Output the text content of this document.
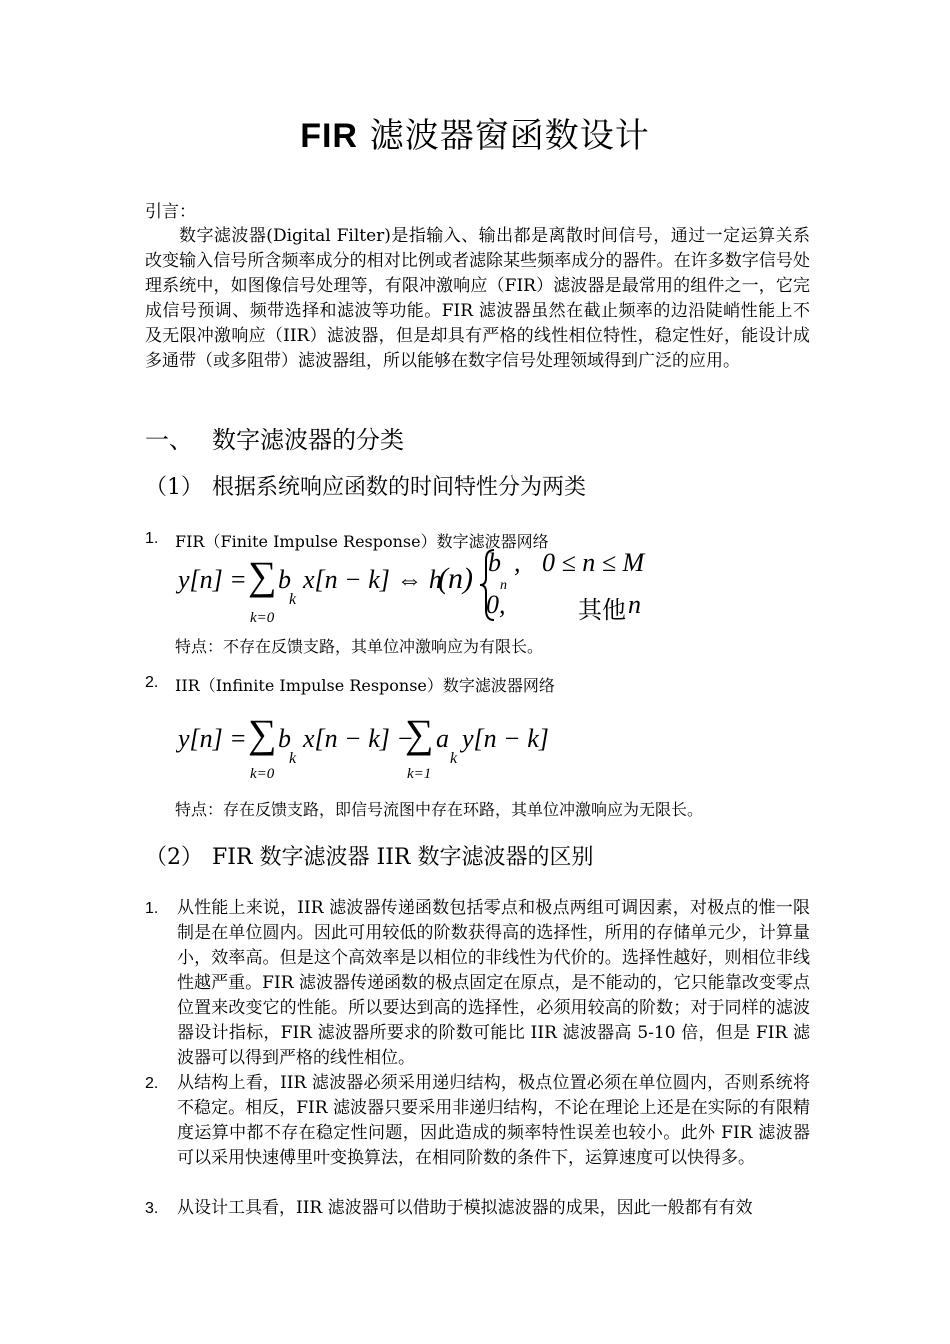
FIR 滤波器窗函数设计
引言：
数字滤波器(Digital Filter)是指输入、输出都是离散时间信号，通过一定运算关系改变输入信号所含频率成分的相对比例或者滤除某些频率成分的器件。在许多数字信号处理系统中，如图像信号处理等，有限冲激响应（FIR）滤波器是最常用的组件之一，它完成信号预调、频带选择和滤波等功能。FIR 滤波器虽然在截止频率的边沿陡峭性能上不及无限冲激响应（IIR）滤波器，但是却具有严格的线性相位特性，稳定性好，能设计成多通带（或多阻带）滤波器组，所以能够在数字信号处理领域得到广泛的应用。
一、 数字滤波器的分类
（1） 根据系统响应函数的时间特性分为两类
1. FIR（Finite Impulse Response）数字滤波器网络
y[n] = ∑ b
k
x[n − k] ⇔ h
(n)
k=0
b
n
, 0 ≤ n ≤ M
0,	其他 n
特点：不存在反馈支路，其单位冲激响应为有限长。
2. IIR（Infinite Impulse Response）数字滤波器网络
y[n] = ∑ b
k
x[n − k] −
∑ a
k
y[n − k]
k=0	k=1
特点：存在反馈支路，即信号流图中存在环路，其单位冲激响应为无限长。
（2） FIR 数字滤波器 IIR 数字滤波器的区别
1. 从性能上来说，IIR 滤波器传递函数包括零点和极点两组可调因素，对极点的惟一限制是在单位圆内。因此可用较低的阶数获得高的选择性，所用的存储单元少，计算量小，效率高。但是这个高效率是以相位的非线性为代价的。选择性越好，则相位非线性越严重。FIR 滤波器传递函数的极点固定在原点，是不能动的，它只能靠改变零点位置来改变它的性能。所以要达到高的选择性，必须用较高的阶数；对于同样的滤波器设计指标，FIR 滤波器所要求的阶数可能比 IIR 滤波器高 5-10 倍，但是 FIR 滤波器可以得到严格的线性相位。
2. 从结构上看，IIR 滤波器必须采用递归结构，极点位置必须在单位圆内，否则系统将不稳定。相反，FIR 滤波器只要采用非递归结构，不论在理论上还是在实际的有限精度运算中都不存在稳定性问题，因此造成的频率特性误差也较小。此外 FIR 滤波器可以采用快速傅里叶变换算法，在相同阶数的条件下，运算速度可以快得多。
3. 从设计工具看，IIR 滤波器可以借助于模拟滤波器的成果，因此一般都有有效
